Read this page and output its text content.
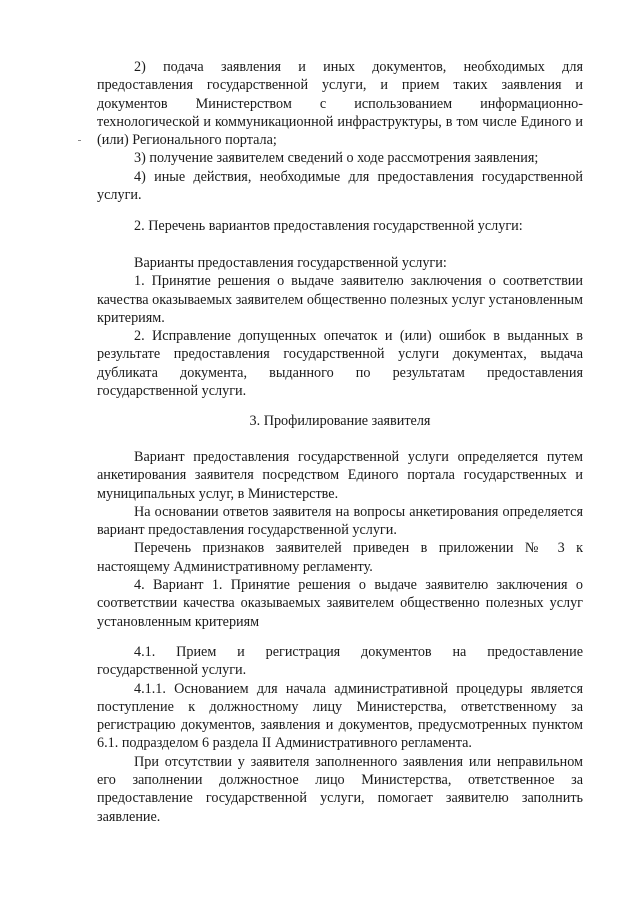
2) подача заявления и иных документов, необходимых для предоставления государственной услуги, и прием таких заявления и документов Министерством с использованием информационно-технологической и коммуникационной инфраструктуры, в том числе Единого и (или) Регионального портала;

3) получение заявителем сведений о ходе рассмотрения заявления;

4) иные действия, необходимые для предоставления государственной услуги.

2. Перечень вариантов предоставления государственной услуги:

Варианты предоставления государственной услуги:

1. Принятие решения о выдаче заявителю заключения о соответствии качества оказываемых заявителем общественно полезных услуг установленным критериям.

2. Исправление допущенных опечаток и (или) ошибок в выданных в результате предоставления государственной услуги документах, выдача дубликата документа, выданного по результатам предоставления государственной услуги.

3. Профилирование заявителя

Вариант предоставления государственной услуги определяется путем анкетирования заявителя посредством Единого портала государственных и муниципальных услуг, в Министерстве.

На основании ответов заявителя на вопросы анкетирования определяется вариант предоставления государственной услуги.

Перечень признаков заявителей приведен в приложении № 3 к настоящему Административному регламенту.

4. Вариант 1. Принятие решения о выдаче заявителю заключения о соответствии качества оказываемых заявителем общественно полезных услуг установленным критериям

4.1. Прием и регистрация документов на предоставление государственной услуги.

4.1.1. Основанием для начала административной процедуры является поступление к должностному лицу Министерства, ответственному за регистрацию документов, заявления и документов, предусмотренных пунктом 6.1. подразделом 6 раздела II Административного регламента.

При отсутствии у заявителя заполненного заявления или неправильном его заполнении должностное лицо Министерства, ответственное за предоставление государственной услуги, помогает заявителю заполнить заявление.
